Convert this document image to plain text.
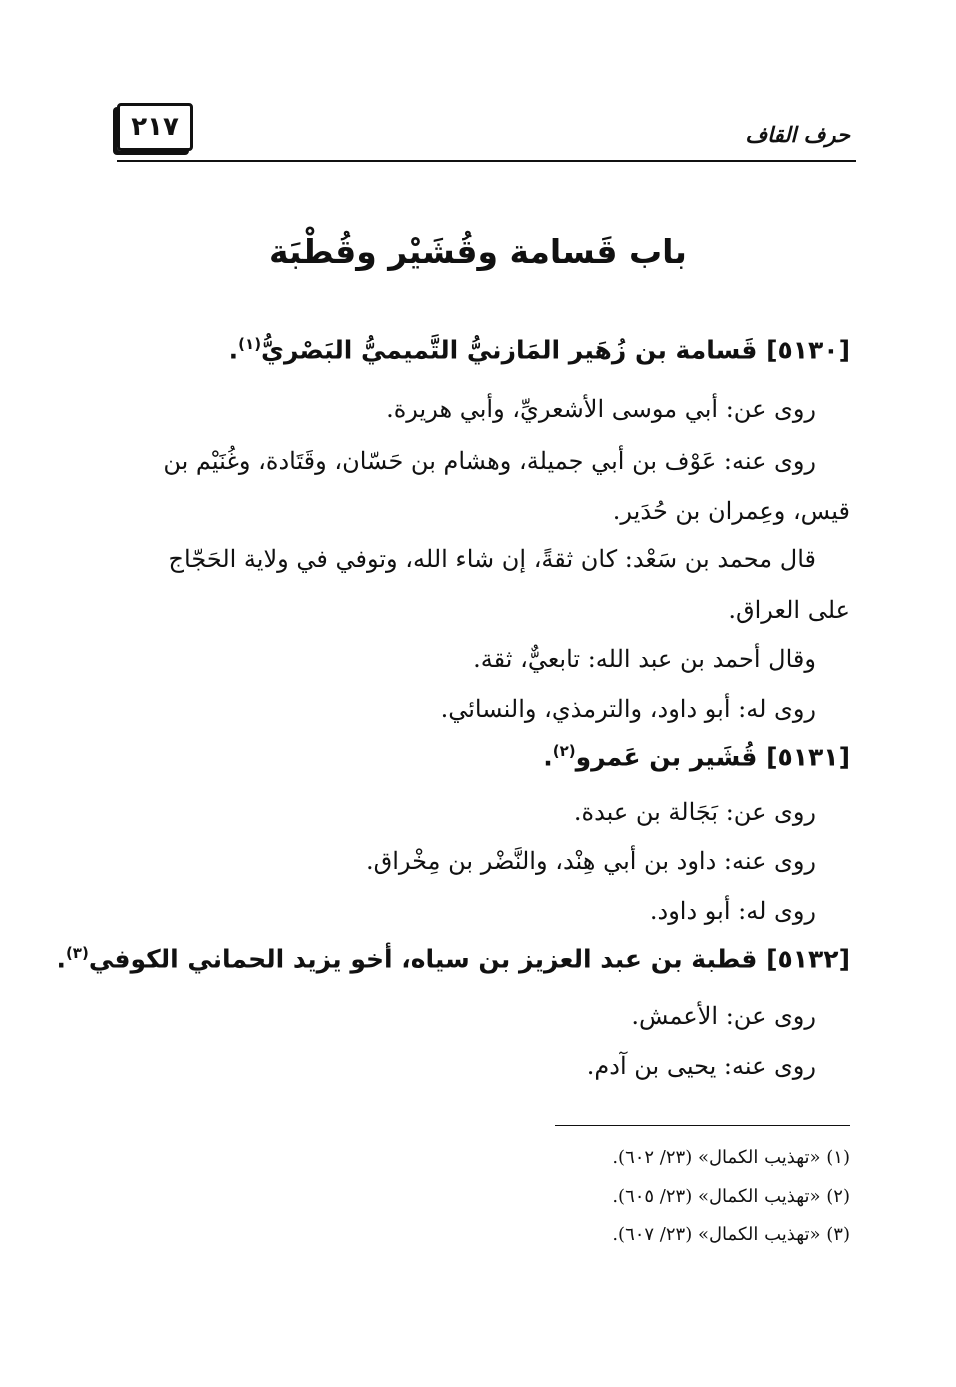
٢١٧	حرف القاف
باب قَسامة وقُشَيْر وقُطْبَة
[٥١٣٠] قَسامة بن زُهَير المَازنيُّ التَّميميُّ البَصْريُّ$^{(١)}$.
روى عن: أبي موسى الأشعريِّ، وأبي هريرة.
روى عنه: عَوْف بن أبي جميلة، وهشام بن حَسّان، وقَتَادة، وغُنَيْم بن
قيس، وعِمران بن حُدَير.
قال محمد بن سَعْد: كان ثقةً، إن شاء الله، وتوفي في ولاية الحَجّاج
على العراق.
وقال أحمد بن عبد الله: تابعيٌّ، ثقة.
روى له: أبو داود، والترمذي، والنسائي.
[٥١٣١] قُشَير بن عَمرو$^{(٢)}$.
روى عن: بَجَالة بن عبدة.
روى عنه: داود بن أبي هِنْد، والنَّضْر بن مِخْراق.
روى له: أبو داود.
[٥١٣٢] قطبة بن عبد العزيز بن سياه، أخو يزيد الحماني الكوفي$^{(٣)}$.
روى عن: الأعمش.
روى عنه: يحيى بن آدم.
(١) «تهذيب الكمال» (٢٣/ ٦٠٢).
(٢) «تهذيب الكمال» (٢٣/ ٦٠٥).
(٣) «تهذيب الكمال» (٢٣/ ٦٠٧).
